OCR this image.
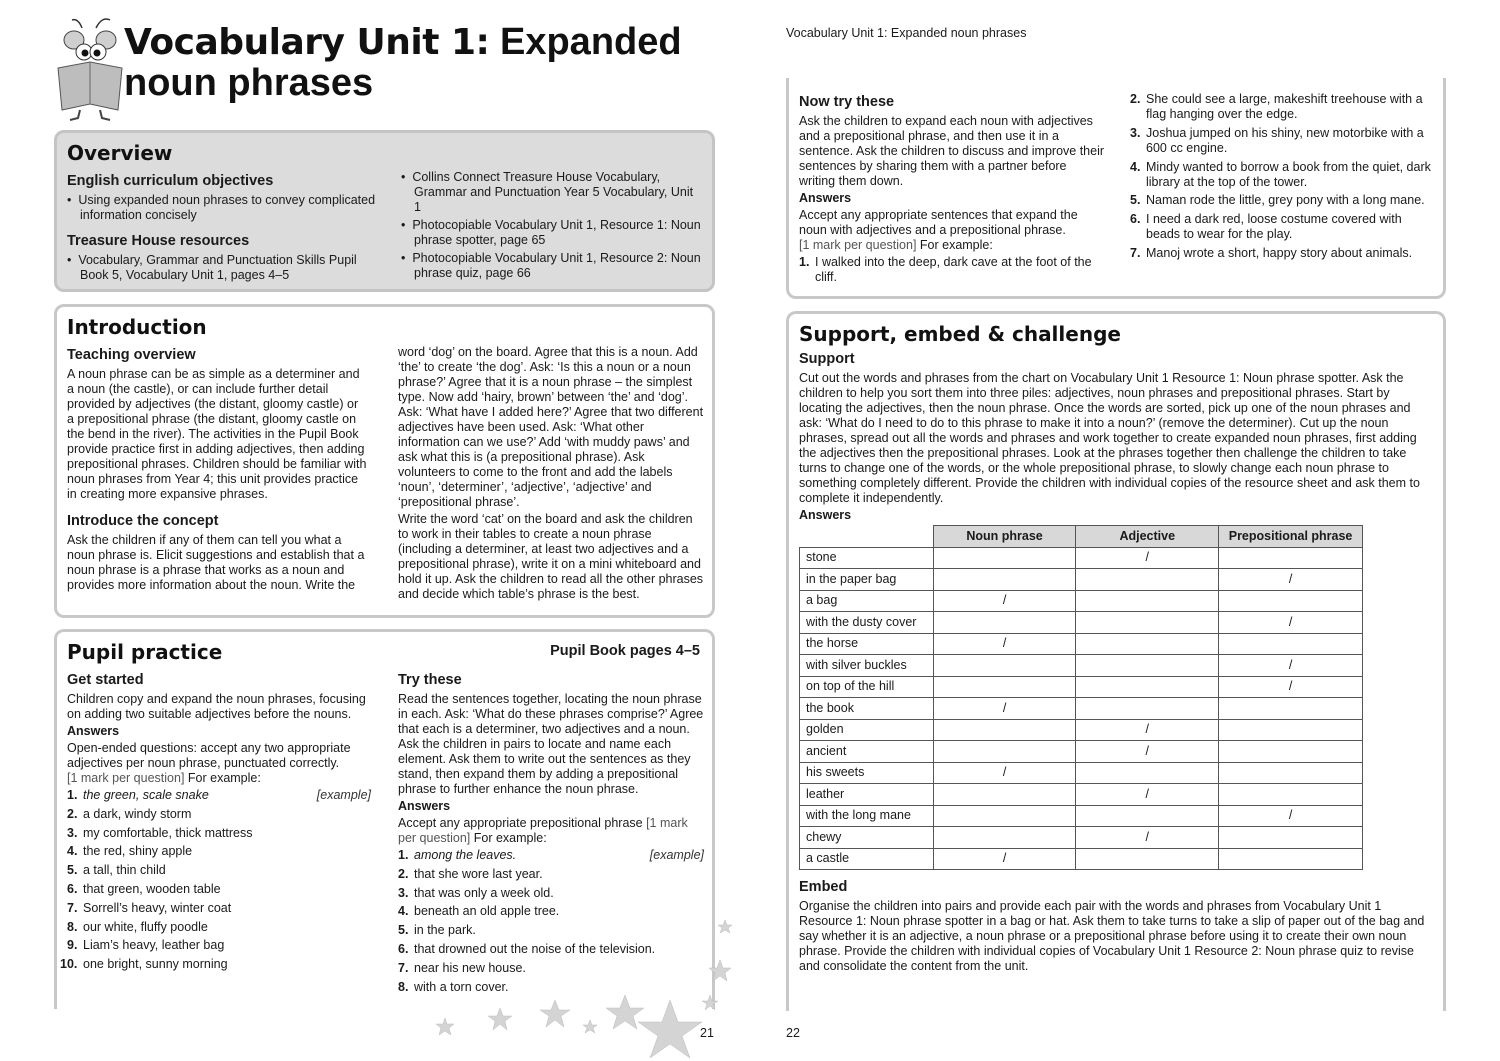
Vocabulary Unit 1: Expanded noun phrases
Overview
English curriculum objectives

•  Using expanded noun phrases to convey complicated information concisely

Treasure House resources

•  Vocabulary, Grammar and Punctuation Skills Pupil Book 5, Vocabulary Unit 1, pages 4–5

•  Collins Connect Treasure House Vocabulary, Grammar and Punctuation Year 5 Vocabulary, Unit 1

•  Photocopiable Vocabulary Unit 1, Resource 1: Noun phrase spotter, page 65

•  Photocopiable Vocabulary Unit 1, Resource 2: Noun phrase quiz, page 66

Introduction
Teaching overview

A noun phrase can be as simple as a determiner and a noun (the castle), or can include further detail provided by adjectives (the distant, gloomy castle) or a prepositional phrase (the distant, gloomy castle on the bend in the river). The activities in the Pupil Book provide practice first in adding adjectives, then adding prepositional phrases. Children should be familiar with noun phrases from Year 4; this unit provides practice in creating more expansive phrases.

Introduce the concept

Ask the children if any of them can tell you what a noun phrase is. Elicit suggestions and establish that a noun phrase is a phrase that works as a noun and provides more information about the noun. Write the

word ‘dog’ on the board. Agree that this is a noun. Add ‘the’ to create ‘the dog’. Ask: ‘Is this a noun or a noun phrase?’ Agree that it is a noun phrase – the simplest type. Now add ‘hairy, brown’ between ‘the’ and ‘dog’. Ask: ‘What have I added here?’ Agree that two different adjectives have been used. Ask: ‘What other information can we use?’ Add ‘with muddy paws’ and ask what this is (a prepositional phrase). Ask volunteers to come to the front and add the labels ‘noun’, ‘determiner’, ‘adjective’, ‘adjective’ and ‘prepositional phrase’.

Write the word ‘cat’ on the board and ask the children to work in their tables to create a noun phrase (including a determiner, at least two adjectives and a prepositional phrase), write it on a mini whiteboard and hold it up. Ask the children to read all the other phrases and decide which table’s phrase is the best.

Pupil practice	Pupil Book pages 4–5
Get started

Children copy and expand the noun phrases, focusing on adding two suitable adjectives before the nouns.

Answers

Open-ended questions: accept any two appropriate adjectives per noun phrase, punctuated correctly.
[1 mark per question] For example:

1. the green, scale snake	[example]
2. a dark, windy storm
3. my comfortable, thick mattress
4. the red, shiny apple
5. a tall, thin child
6. that green, wooden table
7. Sorrell’s heavy, winter coat
8. our white, fluffy poodle
9. Liam’s heavy, leather bag
10. one bright, sunny morning
Try these

Read the sentences together, locating the noun phrase in each. Ask: ‘What do these phrases comprise?’ Agree that each is a determiner, two adjectives and a noun. Ask the children in pairs to locate and name each element. Ask them to write out the sentences as they stand, then expand them by adding a prepositional phrase to further enhance the noun phrase.

Answers

Accept any appropriate prepositional phrase [1 mark per question] For example:

1. among the leaves.	[example]
2. that she wore last year.
3. that was only a week old.
4. beneath an old apple tree.
5. in the park.
6. that drowned out the noise of the television.
7. near his new house.
8. with a torn cover.
21
Vocabulary Unit 1: Expanded noun phrases
Now try these

Ask the children to expand each noun with adjectives and a prepositional phrase, and then use it in a sentence. Ask the children to discuss and improve their sentences by sharing them with a partner before writing them down.

Answers

Accept any appropriate sentences that expand the noun with adjectives and a prepositional phrase.
[1 mark per question] For example:

1. I walked into the deep, dark cave at the foot of the cliff.
2. She could see a large, makeshift treehouse with a flag hanging over the edge.
3. Joshua jumped on his shiny, new motorbike with a 600 cc engine.
4. Mindy wanted to borrow a book from the quiet, dark library at the top of the tower.
5. Naman rode the little, grey pony with a long mane.
6. I need a dark red, loose costume covered with beads to wear for the play.
7. Manoj wrote a short, happy story about animals.
Support, embed & challenge
Support

Cut out the words and phrases from the chart on Vocabulary Unit 1 Resource 1: Noun phrase spotter. Ask the children to help you sort them into three piles: adjectives, noun phrases and prepositional phrases. Start by locating the adjectives, then the noun phrase. Once the words are sorted, pick up one of the noun phrases and ask: ‘What do I need to do to this phrase to make it into a noun?’ (remove the determiner). Cut up the noun phrases, spread out all the words and phrases and work together to create expanded noun phrases, first adding the adjectives then the prepositional phrases. Look at the phrases together then challenge the children to take turns to change one of the words, or the whole prepositional phrase, to slowly change each noun phrase to something completely different. Provide the children with individual copies of the resource sheet and ask them to complete it independently.

Answers
	Noun phrase	Adjective	Prepositional phrase
stone		/	
in the paper bag			/
a bag	/		
with the dusty cover			/
the horse	/		
with silver buckles			/
on top of the hill			/
the book	/		
golden		/	
ancient		/	
his sweets	/		
leather		/	
with the long mane			/
chewy		/	
a castle	/		
Embed

Organise the children into pairs and provide each pair with the words and phrases from Vocabulary Unit 1 Resource 1: Noun phrase spotter in a bag or hat. Ask them to take turns to take a slip of paper out of the bag and say whether it is an adjective, a noun phrase or a prepositional phrase before using it to create their own noun phrase. Provide the children with individual copies of Vocabulary Unit 1 Resource 2: Noun phrase quiz to revise and consolidate the content from the unit.

22
